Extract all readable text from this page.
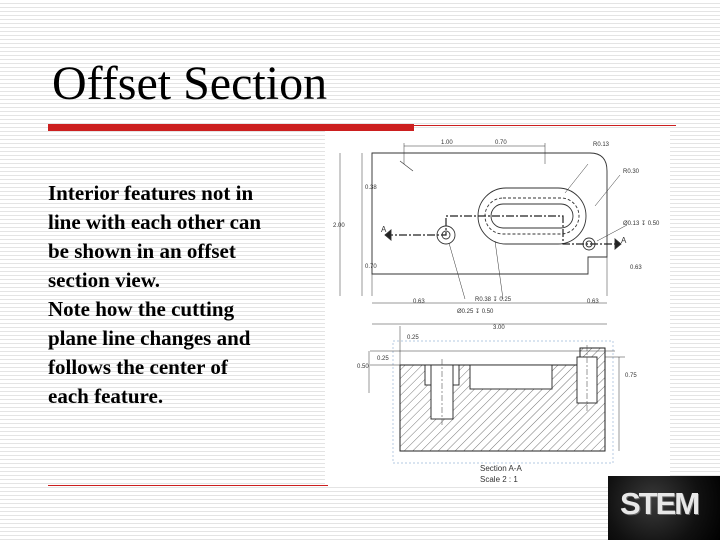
Offset Section

Interior features not in

line with each other can

be shown in an offset

section view.

Note how the cutting

plane line changes and

follows the center of

each feature.

1.00	0.70	R0.13
R0.30
0.38
2.00
0.70
Ø0.13 ↧ 0.50
0.63
0.63	R0.38 ↧ 0.25
Ø0.25 ↧ 0.50
0.63
3.00
A
A
0.25
0.25
0.50
0.75
Section A-A
Scale 2 : 1
STEM
